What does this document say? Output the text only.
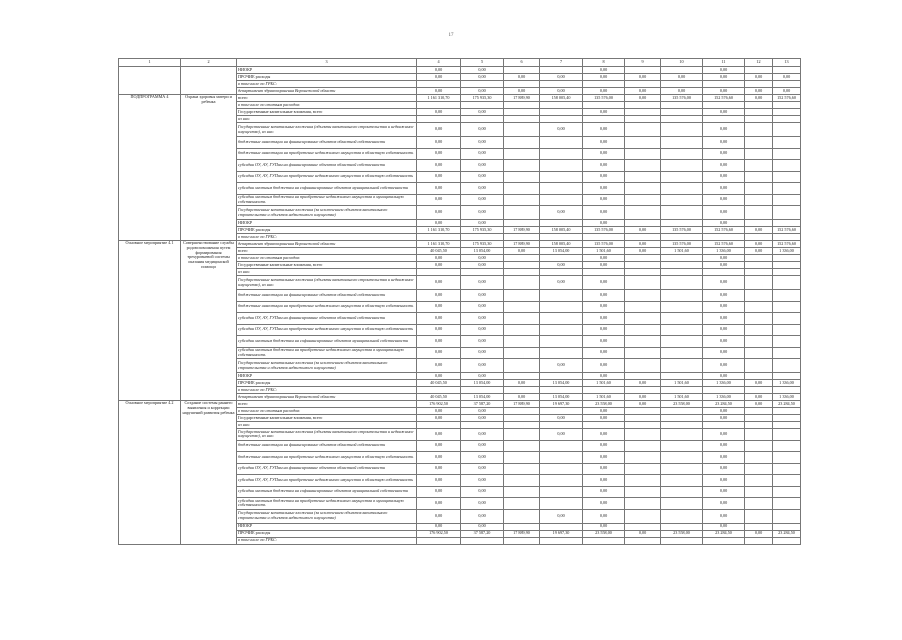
17
1	2	3	4	5	6	7	8	9	10	11	12	13
		НИОКР	0,00	0,00			0,00			0,00		
		ПРОЧИЕ расходы	0,00	0,00	0,00	0,00	0,00	0,00	0,00	0,00	0,00	0,00
		в том числе по ГРБС:										
		департамент здравоохранения Воронежской области	0,00	0,00	0,00	0,00	0,00	0,00	0,00	0,00	0,00	0,00
ПОДПРОГРАММА 4	Охрана здоровья матери и ребенка	всего	1 161 310,70	175 935,30	17 889,90	158 005,40	135 576,00	0,00	135 576,00	152 576,60	0,00	152 576,60
		в том числе по статьям расходов:										
		Государственные капитальные вложения, всего	0,00	0,00			0,00			0,00		
		из них:										
		Государственные капитальные вложения (объекты капитального строительства и недвижимое имущество), из них:	0,00	0,00		0,00	0,00			0,00		
		бюджетные инвестиции на финансирование объектов областной собственности	0,00	0,00			0,00			0,00		
		бюджетные инвестиции на приобретение недвижимого имущества в областную собственность	0,00	0,00			0,00			0,00		
		субсидии ОУ, АУ, ГУПам на финансирование объектов областной собственности	0,00	0,00			0,00			0,00		
		субсидии ОУ, АУ, ГУПам на приобретение недвижимого имущества в областную собственность	0,00	0,00			0,00			0,00		
		субсидии местным бюджетам на софинансирование объектов муниципальной собственности	0,00	0,00			0,00			0,00		
		субсидии местным бюджетам на приобретение недвижимого имущества в муниципальную собственность	0,00	0,00			0,00			0,00		
		Государственные капитальные вложения (за исключением объектов капитального строительства и объектов недвижимого имущества)	0,00	0,00		0,00	0,00			0,00		
		НИОКР	0,00	0,00			0,00			0,00		
		ПРОЧИЕ расходы	1 161 310,70	175 935,30	17 889,90	158 005,40	135 576,00	0,00	135 576,00	152 576,60	0,00	152 576,60
		в том числе по ГРБС:										
Основное мероприятие 4.1	Совершенствование службы родовспоможения путем формирования трехуровневой системы оказания медицинской помощи	департамент здравоохранения Воронежской области	1 161 310,70	175 935,30	17 889,90	158 005,40	135 576,00	0,00	135 576,00	152 576,60	0,00	152 576,60
		всего	40 045,50	13 054,00	0,00	13 054,00	1 501,60	0,00	1 501,60	1 336,00	0,00	1 336,00
		в том числе по статьям расходов:	0,00	0,00			0,00			0,00		
		Государственные капитальные вложения, всего	0,00	0,00		0,00	0,00			0,00		
		из них:										
		Государственные капитальные вложения (объекты капитального строительства и недвижимое имущество), из них:	0,00	0,00		0,00	0,00			0,00		
		бюджетные инвестиции на финансирование объектов областной собственности	0,00	0,00			0,00			0,00		
		бюджетные инвестиции на приобретение недвижимого имущества в областную собственность	0,00	0,00			0,00			0,00		
		субсидии ОУ, АУ, ГУПам на финансирование объектов областной собственности	0,00	0,00			0,00			0,00		
		субсидии ОУ, АУ, ГУПам на приобретение недвижимого имущества в областную собственность	0,00	0,00			0,00			0,00		
		субсидии местным бюджетам на софинансирование объектов муниципальной собственности	0,00	0,00			0,00			0,00		
		субсидии местным бюджетам на приобретение недвижимого имущества в муниципальную собственность	0,00	0,00			0,00			0,00		
		Государственные капитальные вложения (за исключением объектов капитального строительства и объектов недвижимого имущества)	0,00	0,00		0,00	0,00			0,00		
		НИОКР	0,00	0,00			0,00			0,00		
		ПРОЧИЕ расходы	40 045,50	13 054,00	0,00	13 054,00	1 501,60	0,00	1 501,60	1 336,00	0,00	1 336,00
		в том числе по ГРБС:										
		департамент здравоохранения Воронежской области	40 045,50	13 054,00	0,00	13 054,00	1 501,60	0,00	1 501,60	1 336,00	0,00	1 336,00
Основное мероприятие 4.2	Создание системы раннего выявления и коррекции нарушений развития ребенка	всего	176 902,50	37 587,20	17 889,90	19 697,30	23 558,00	0,00	23 558,00	23 284,50	0,00	23 284,50
		в том числе по статьям расходов:	0,00	0,00			0,00			0,00		
		Государственные капитальные вложения, всего	0,00	0,00		0,00	0,00			0,00		
		из них:										
		Государственные капитальные вложения (объекты капитального строительства и недвижимое имущество), из них:	0,00	0,00		0,00	0,00			0,00		
		бюджетные инвестиции на финансирование объектов областной собственности	0,00	0,00			0,00			0,00		
		бюджетные инвестиции на приобретение недвижимого имущества в областную собственность	0,00	0,00			0,00			0,00		
		субсидии ОУ, АУ, ГУПам на финансирование объектов областной собственности	0,00	0,00			0,00			0,00		
		субсидии ОУ, АУ, ГУПам на приобретение недвижимого имущества в областную собственность	0,00	0,00			0,00			0,00		
		субсидии местным бюджетам на софинансирование объектов муниципальной собственности	0,00	0,00			0,00			0,00		
		субсидии местным бюджетам на приобретение недвижимого имущества в муниципальную собственность	0,00	0,00			0,00			0,00		
		Государственные капитальные вложения (за исключением объектов капитального строительства и объектов недвижимого имущества)	0,00	0,00		0,00	0,00			0,00		
		НИОКР	0,00	0,00			0,00			0,00		
		ПРОЧИЕ расходы	176 902,50	37 587,20	17 889,90	19 697,30	23 558,00	0,00	23 558,00	23 284,50	0,00	23 284,50
		в том числе по ГРБС:										
